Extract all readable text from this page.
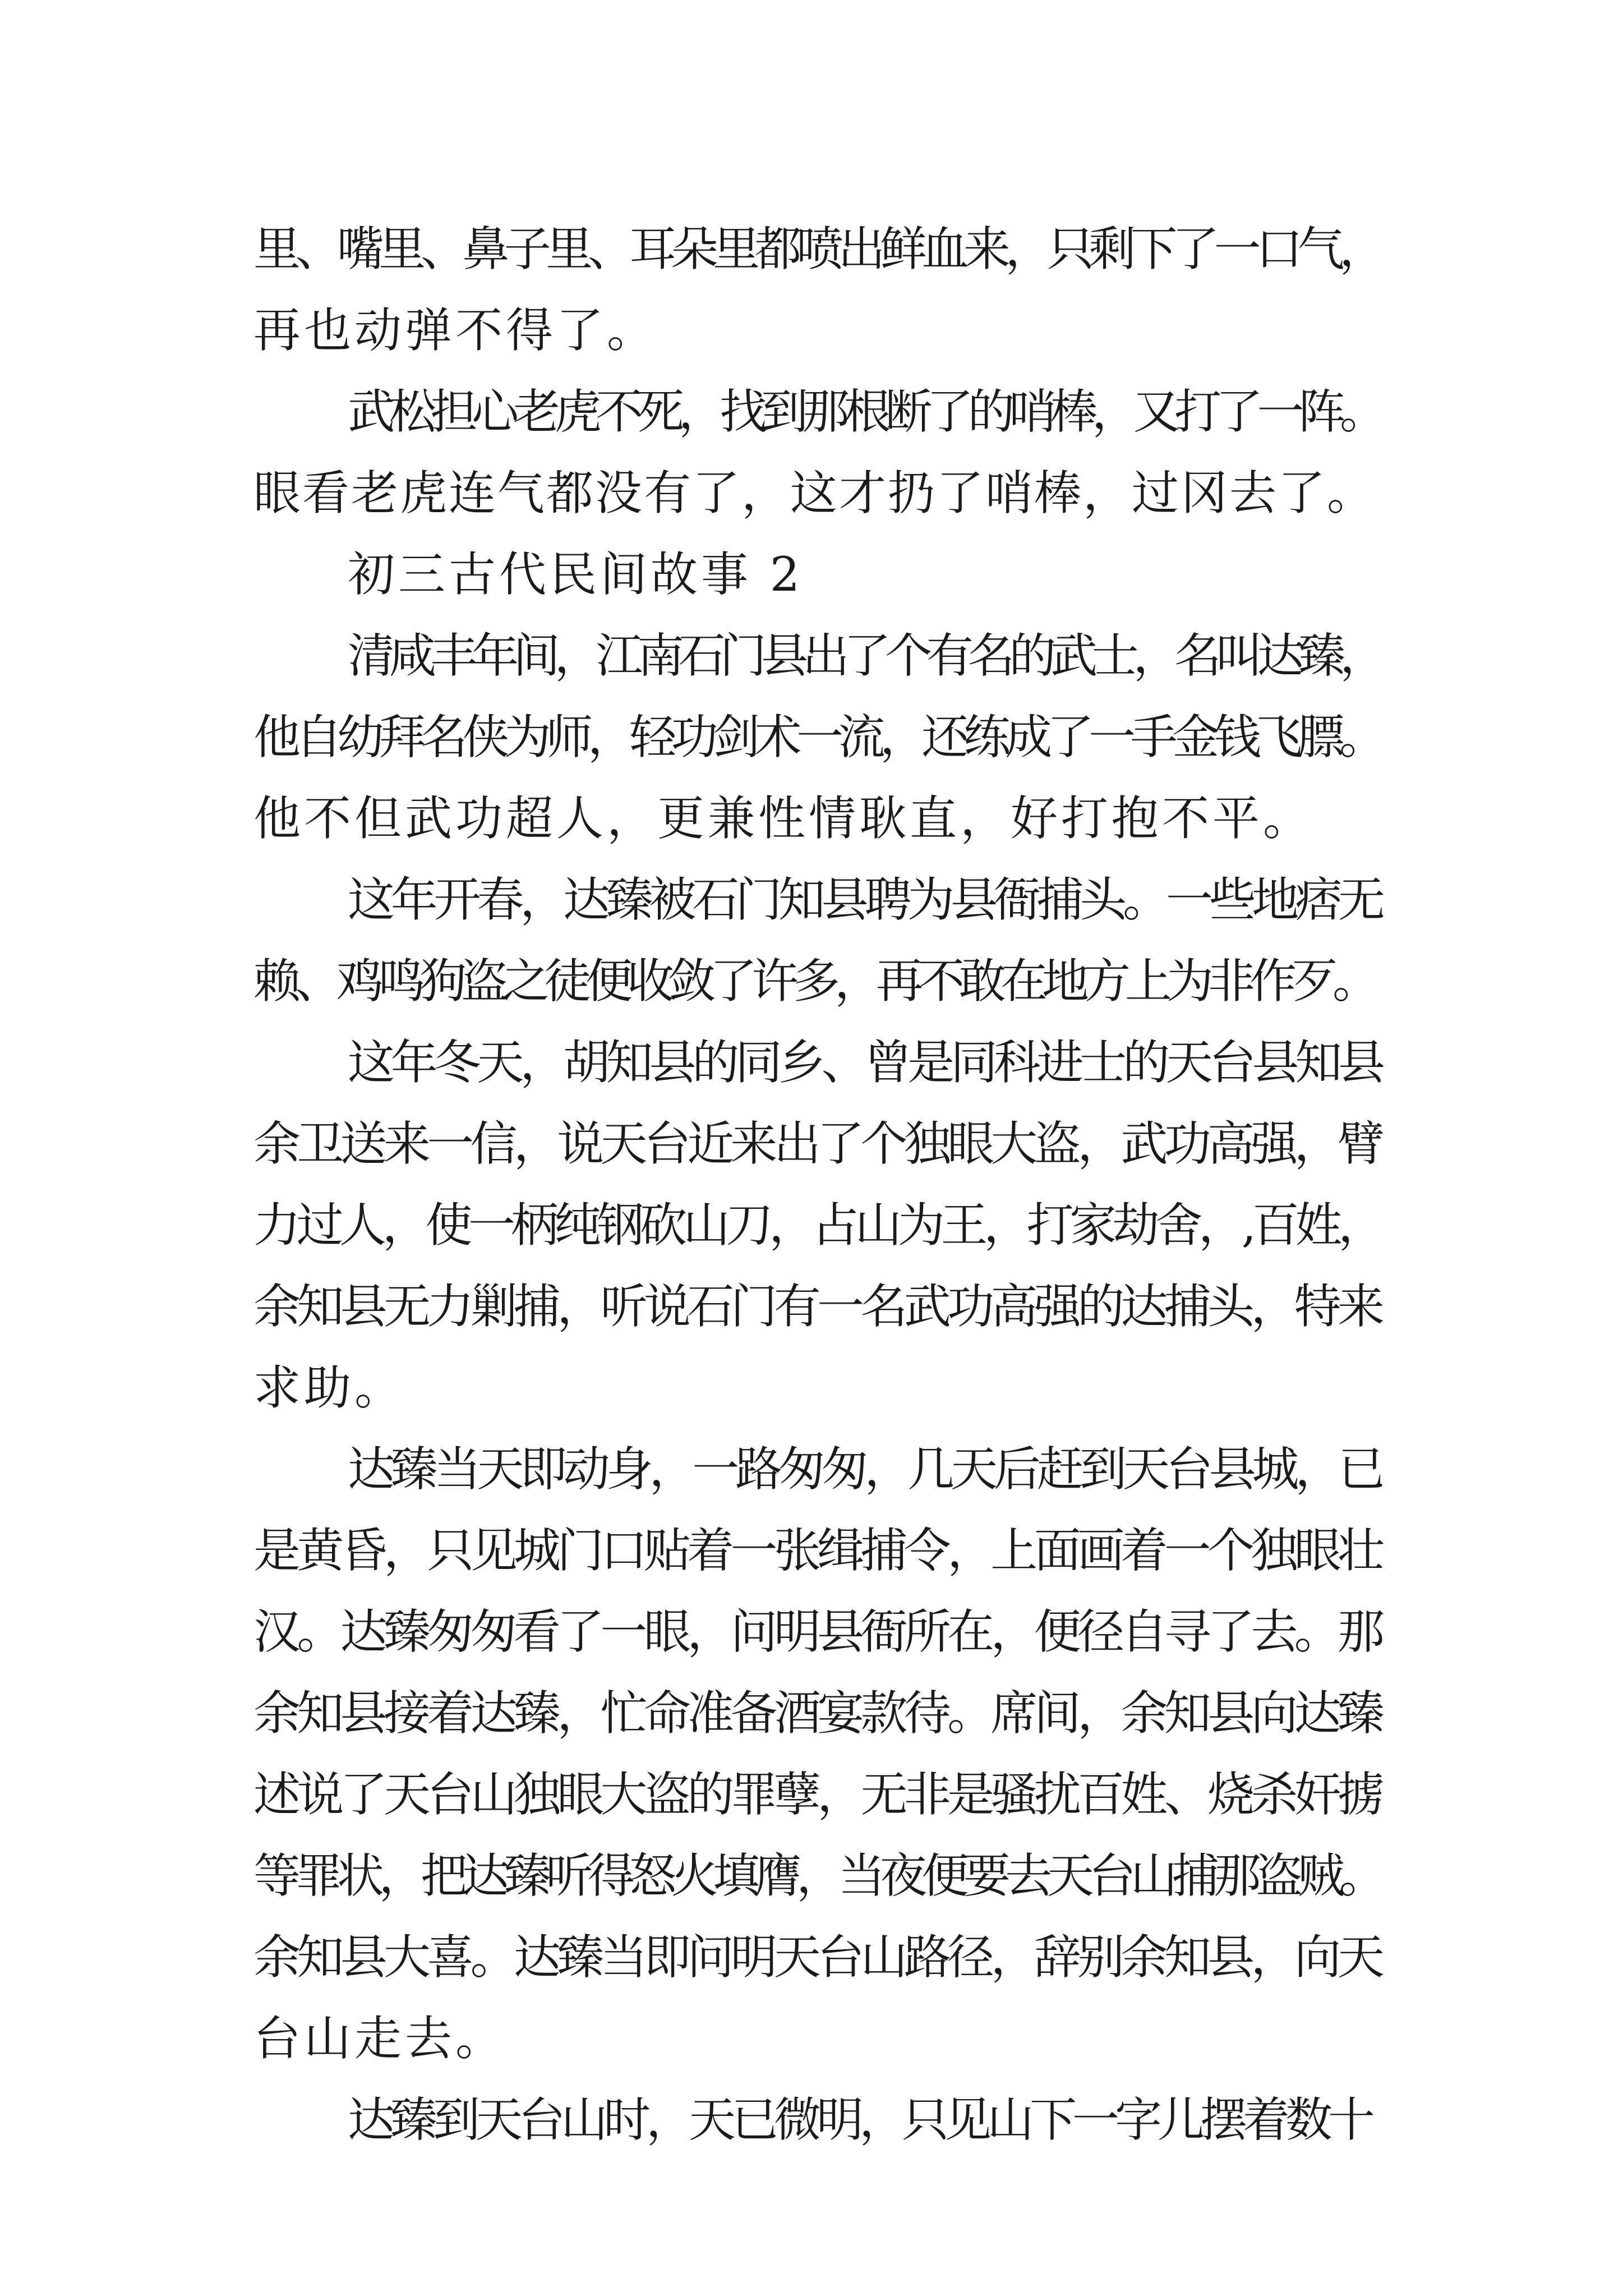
里、嘴里、鼻子里、耳朵里都喷出鲜血来，只剩下了一口气，
再也动弹不得了。
武松担心老虎不死，找到那根断了的哨棒，又打了一阵。
眼看老虎连气都没有了，这才扔了哨棒，过冈去了。
初三古代民间故事 2
清咸丰年间，江南石门县出了个有名的武士，名叫达臻，
他自幼拜名侠为师，轻功剑术一流，还练成了一手金钱飞膘。
他不但武功超人，更兼性情耿直，好打抱不平。
这年开春，达臻被石门知县聘为县衙捕头。一些地痞无
赖、鸡鸣狗盗之徒便收敛了许多，再不敢在地方上为非作歹。
这年冬天，胡知县的同乡、曾是同科进士的天台县知县
余卫送来一信，说天台近来出了个独眼大盗，武功高强，臂
力过人，使一柄纯钢砍山刀，占山为王，打家劫舍，,百姓，
余知县无力剿捕，听说石门有一名武功高强的达捕头，特来
求助。
达臻当天即动身，一路匆匆，几天后赶到天台县城，已
是黄昏，只见城门口贴着一张缉捕令，上面画着一个独眼壮
汉。达臻匆匆看了一眼，问明县衙所在，便径自寻了去。那
余知县接着达臻，忙命准备酒宴款待。席间，余知县向达臻
述说了天台山独眼大盗的罪孽，无非是骚扰百姓、烧杀奸掳
等罪状，把达臻听得怒火填膺，当夜便要去天台山捕那盗贼。
余知县大喜。达臻当即问明天台山路径，辞别余知县，向天
台山走去。
达臻到天台山时，天已微明，只见山下一字儿摆着数十
